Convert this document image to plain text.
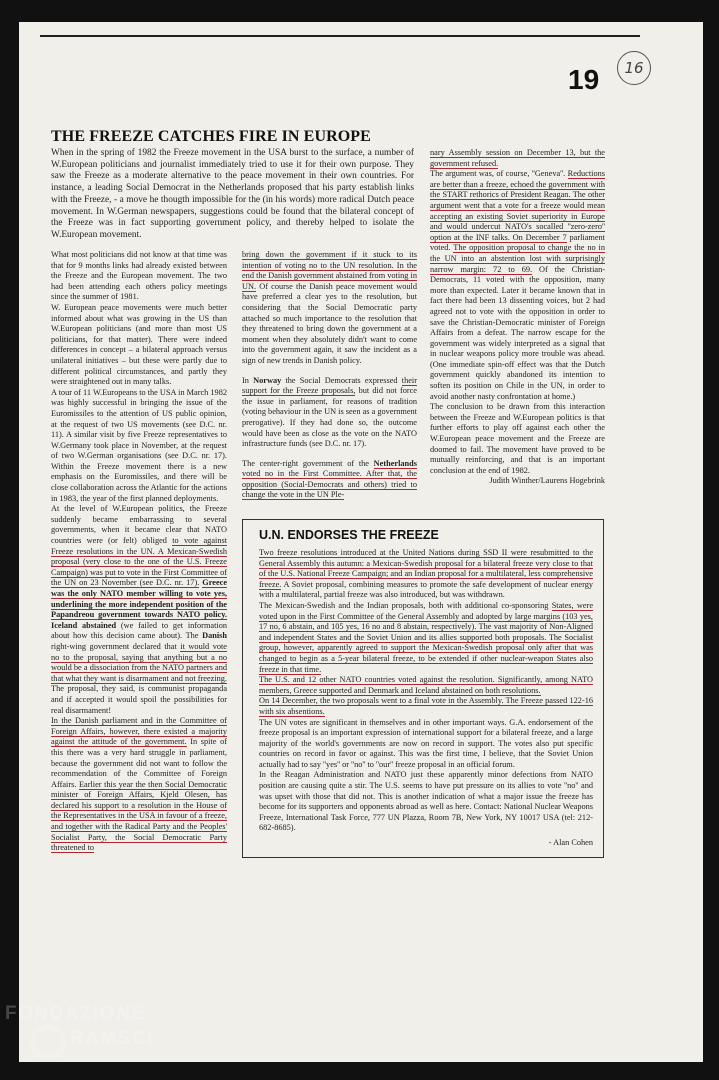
16
19
THE FREEZE CATCHES FIRE IN EUROPE

When in the spring of 1982 the Freeze movement in the USA burst to the surface, a number of W.European politicians and journalist immediately tried to use it for their own purpose. They saw the Freeze as a moderate alternative to the peace movement in their own countries. For instance, a leading Social Democrat in the Netherlands proposed that his party establish links with the Freeze, - a move he thougth impossible for the (in his words) more radical Dutch peace movement. In W.German newspapers, suggestions could be found that the bilateral concept of the Freeze was in fact supporting government policy, and thereby helped to isolate the W.European movement.

What most politicians did not know at that time was that for 9 months links had already existed between the Freeze and the European movement. The two had been attending each others policy meetings since the summer of 1981.

W. European peace movements were much better informed about what was growing in the US than W.European politicians (and more than most US politicians, for that matter). There were indeed differences in concept – a bilateral approach versus unilateral initiatives – but these were partly due to different political circumstances, and partly they were straightened out in many talks.

A tour of 11 W.Europeans to the USA in March 1982 was highly successful in bringing the issue of the Euromissiles to the attention of US public opinion, at the request of two US movements (see D.C. nr. 11). A similar visit by five Freeze representatives to W.Germany took place in November, at the request of two W.German organisations (see D.C. nr. 17). Within the Freeze movement there is a new emphasis on the Euromissiles, and there will be close collaboration across the Atlantic for the actions in 1983, the year of the first planned deployments.

At the level of W.European politics, the Freeze suddenly became embarrassing to several governments, when it became clear that NATO countries were (or felt) obliged to vote against Freeze resolutions in the UN. A Mexican-Swedish proposal (very close to the one of the U.S. Freeze Campaign) was put to vote in the First Committee of the UN on 23 November (see D.C. nr. 17). Greece was the only NATO member willing to vote yes, underlining the more independent position of the Papandreou government towards NATO policy. Iceland abstained (we failed to get information about how this decision came about). The Danish right-wing government declared that it would vote no to the proposal, saying that anything but a no would be a dissociation from the NATO partners and that what they want is disarmament and not freezing. The proposal, they said, is communist propaganda and if accepted it would spoil the possibilities for real disarmament!

In the Danish parliament and in the Committee of Foreign Affairs, however, there existed a majority against the attitude of the government. In spite of this there was a very hard struggle in parliament, because the government did not want to follow the recommendation of the Committee of Foreign Affairs. Earlier this year the then Social Democratic minister of Foreign Affairs, Kjeld Olesen, has declared his support to a resolution in the House of the Representatives in the USA in favour of a freeze, and together with the Radical Party and the Peoples' Socialist Party, the Social Democratic Party threatened to

bring down the government if it stuck to its intention of voting no to the UN resolution. In the end the Danish government abstained from voting in UN. Of course the Danish peace movement would have preferred a clear yes to the resolution, but considering that the Social Democratic party attached so much importance to the resolution that they threatened to bring down the government at a moment when they absolutely didn't want to come into the government again, it saw the incident as a sign of new trends in Danish policy.

In Norway the Social Democrats expressed their support for the Freeze proposals, but did not force the issue in parliament, for reasons of tradition (voting behaviour in the UN is seen as a government prerogative). If they had done so, the outcome would have been as close as the vote on the NATO infrastructure funds (see D.C. nr. 17).

The center-right government of the Netherlands voted no in the First Committee. After that, the opposition (Social-Democrats and others) tried to change the vote in the UN Ple-

nary Assembly session on December 13, but the government refused.

The argument was, of course, ''Geneva''. Reductions are better than a freeze, echoed the government with the START rethorics of President Reagan. The other argument went that a vote for a freeze would mean accepting an existing Soviet superiority in Europe and would undercut NATO's socalled ''zero-zero'' option at the INF talks. On December 7 parliament voted. The opposition proposal to change the no in the UN into an abstention lost with surprisingly narrow margin: 72 to 69. Of the Christian-Democrats, 11 voted with the opposition, many more than expected. Later it became known that in fact there had been 13 dissenting voices, but 2 had agreed not to vote with the opposition in order to save the Christian-Democratic minister of Foreign Affairs from a defeat. The narrow escape for the government was widely interpreted as a signal that in nuclear weapons policy more trouble was ahead. (One immediate spin-off effect was that the Dutch government quickly abandoned its intention to soften its position on Chile in the UN, in order to avoid another nasty confrontation at home.)

The conclusion to be drawn from this interaction between the Freeze and W.European politics is that further efforts to play off against each other the W.European peace movement and the Freeze are doomed to fail. The movement have proved to be mutually reinforcing, and that is an important conclusion at the end of 1982.

Judith Winther/Laurens Hogebrink

U.N. ENDORSES THE FREEZE

Two freeze resolutions introduced at the United Nations during SSD II were resubmitted to the General Assembly this autumn: a Mexican-Swedish proposal for a bilateral freeze very close to that of the U.S. National Freeze Campaign; and an Indian proposal for a multilateral, less comprehensive freeze. A Soviet proposal, combining measures to promote the safe development of nuclear energy with a multilateral, partial freeze was also introduced, but was withdrawn.

The Mexican-Swedish and the Indian proposals, both with additional co-sponsoring States, were voted upon in the First Committee of the General Assembly and adopted by large margins (103 yes, 17 no, 6 abstain, and 105 yes, 16 no and 8 abstain, respectively). The vast majority of Non-Aligned and independent States and the Soviet Union and its allies supported both proposals. The Socialist group, however, apparently agreed to support the Mexican-Swedish proposal only after that was changed to begin as a 5-year bilateral freeze, to be extended if other nuclear-weapon States also freeze in that time.

The U.S. and 12 other NATO countries voted against the resolution. Significantly, among NATO members, Greece supported and Denmark and Iceland abstained on both resolutions.

On 14 December, the two proposals went to a final vote in the Assembly. The Freeze passed 122-16 with six absentions.

The UN votes are significant in themselves and in other important ways. G.A. endorsement of the freeze proposal is an important expression of international support for a bilateral freeze, and a large majority of the world's governments are now on record in support. The votes also put specific countries on record in favor or against. This was the first time, I believe, that the Soviet Union actually had to say ''yes'' or ''no'' to ''our'' freeze proposal in an official forum.

In the Reagan Administration and NATO just these apparently minor defections from NATO position are causing quite a stir. The U.S. seems to have put pressure on its allies to vote ''no'' and was upset with those that did not. This is another indication of what a major issue the freeze has become for its supporters and opponents abroad as well as here. Contact: National Nuclear Weapons Freeze, International Task Force, 777 UN Plazza, Room 7B, New York, NY 10017 USA (tel: 212-682-8685).

- Alan Cohen

FONDAZIONE
RAMSCI
